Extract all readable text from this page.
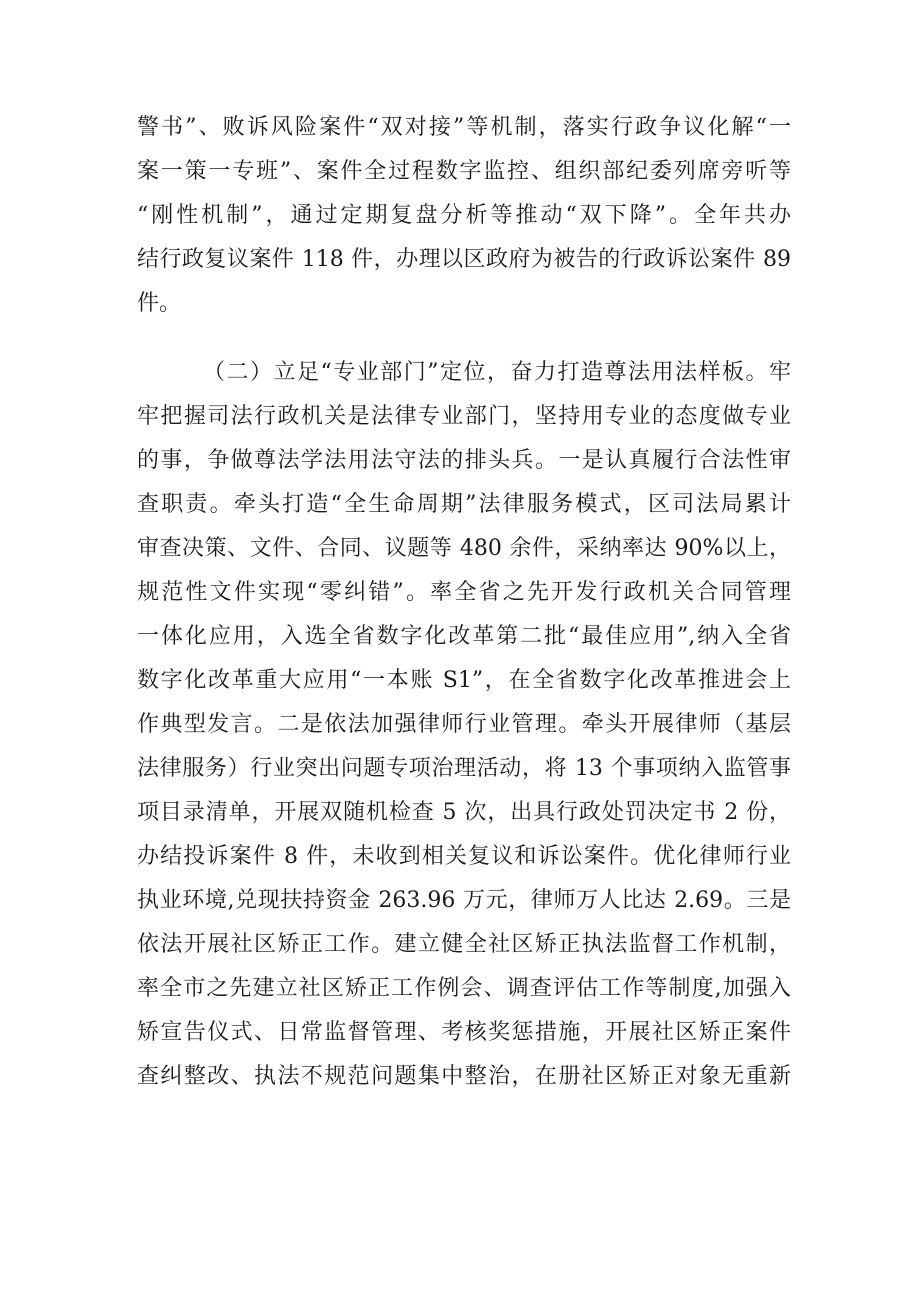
警书”、败诉风险案件“双对接”等机制，落实行政争议化解“一
案一策一专班”、案件全过程数字监控、组织部纪委列席旁听等
“刚性机制”，通过定期复盘分析等推动“双下降”。全年共办
结行政复议案件 118 件，办理以区政府为被告的行政诉讼案件 89
件。
（二）立足“专业部门”定位，奋力打造尊法用法样板。牢
牢把握司法行政机关是法律专业部门，坚持用专业的态度做专业
的事，争做尊法学法用法守法的排头兵。一是认真履行合法性审
查职责。牵头打造“全生命周期”法律服务模式，区司法局累计
审查决策、文件、合同、议题等 480 余件，采纳率达 90%以上，
规范性文件实现“零纠错”。率全省之先开发行政机关合同管理
一体化应用，入选全省数字化改革第二批“最佳应用”,纳入全省
数字化改革重大应用“一本账 S1”，在全省数字化改革推进会上
作典型发言。二是依法加强律师行业管理。牵头开展律师（基层
法律服务）行业突出问题专项治理活动，将 13 个事项纳入监管事
项目录清单，开展双随机检查 5 次，出具行政处罚决定书 2 份，
办结投诉案件 8 件，未收到相关复议和诉讼案件。优化律师行业
执业环境,兑现扶持资金 263.96 万元，律师万人比达 2.69。三是
依法开展社区矫正工作。建立健全社区矫正执法监督工作机制，
率全市之先建立社区矫正工作例会、调查评估工作等制度,加强入
矫宣告仪式、日常监督管理、考核奖惩措施，开展社区矫正案件
查纠整改、执法不规范问题集中整治，在册社区矫正对象无重新
